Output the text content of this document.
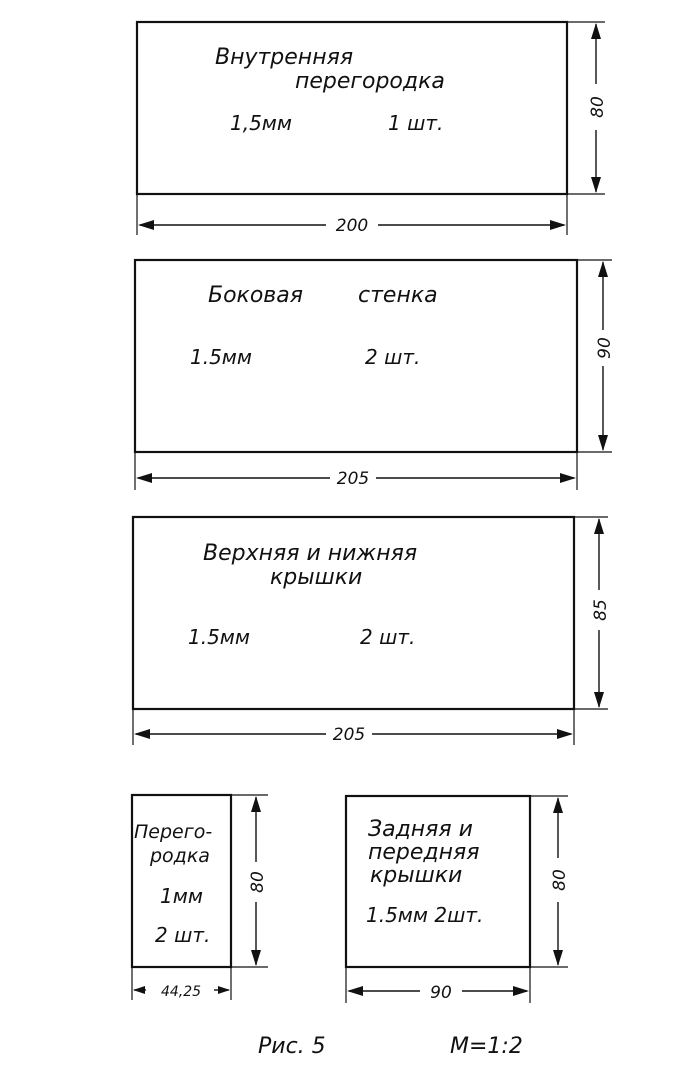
Внутренняя
перегородка
1,5мм	1 шт.
200
80
Боковая	стенка
1.5мм	2 шт.
205
90
Верхняя и нижняя
крышки
1.5мм	2 шт.
205
85
Перего-
родка
1мм
2 шт.
44,25
80
Задняя и
передняя
крышки
1.5мм 2шт.
90
80
Рис. 5	М=1:2
